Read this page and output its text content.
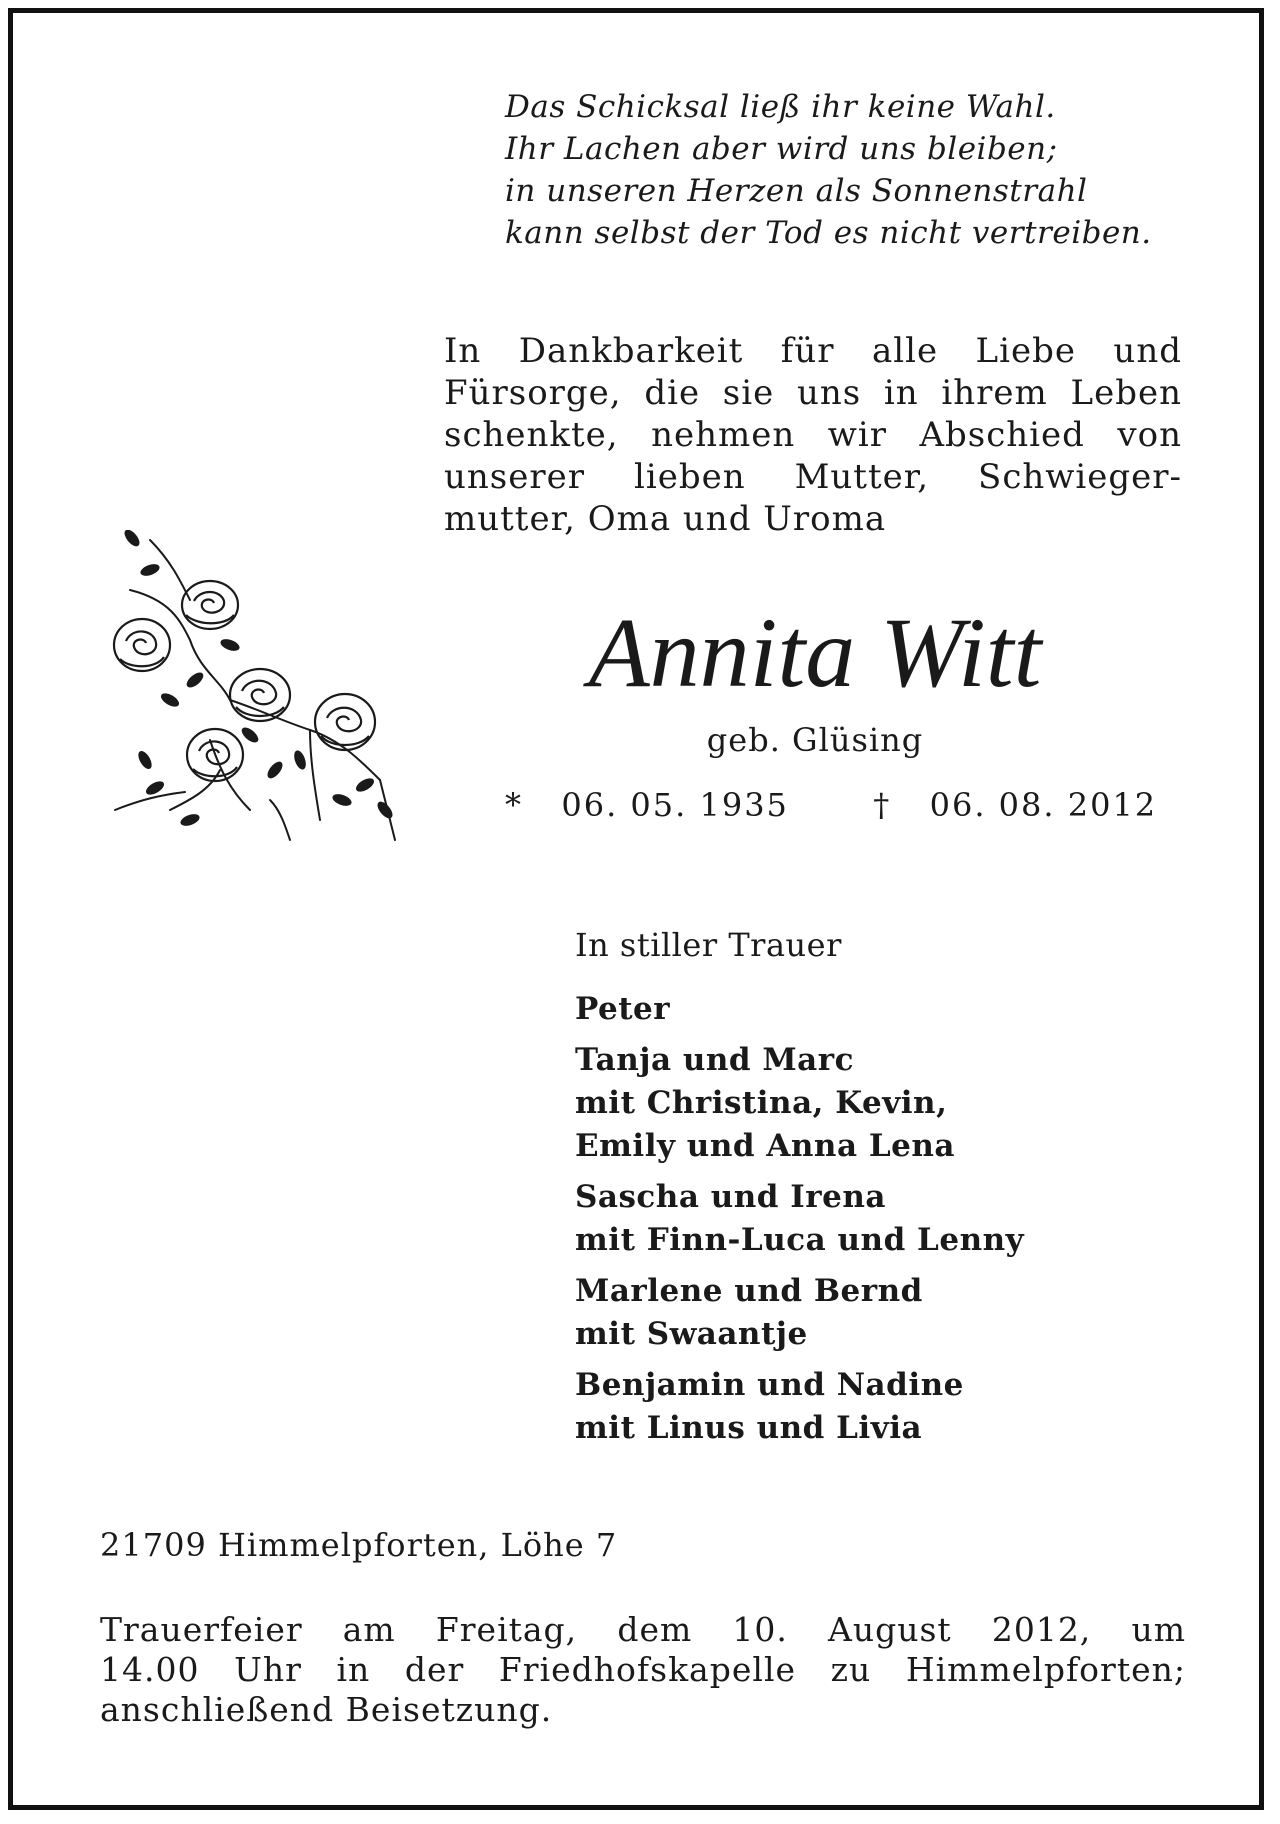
Das Schicksal ließ ihr keine Wahl.
Ihr Lachen aber wird uns bleiben;
in unseren Herzen als Sonnenstrahl
kann selbst der Tod es nicht vertreiben.
In Dankbarkeit für alle Liebe und Fürsorge, die sie uns in ihrem Leben schenkte, nehmen wir Abschied von unserer lieben Mutter, Schwieger- mutter, Oma und Uroma
Annita Witt
geb. Glüsing
* 06. 05. 1935	† 06. 08. 2012
In stiller Trauer
Peter
Tanja und Marc
mit Christina, Kevin,
Emily und Anna Lena
Sascha und Irena
mit Finn-Luca und Lenny
Marlene und Bernd
mit Swaantje
Benjamin und Nadine
mit Linus und Livia
21709 Himmelpforten, Löhe 7
Trauerfeier am Freitag, dem 10. August 2012, um
14.00 Uhr in der Friedhofskapelle zu Himmelpforten;
anschließend Beisetzung.
